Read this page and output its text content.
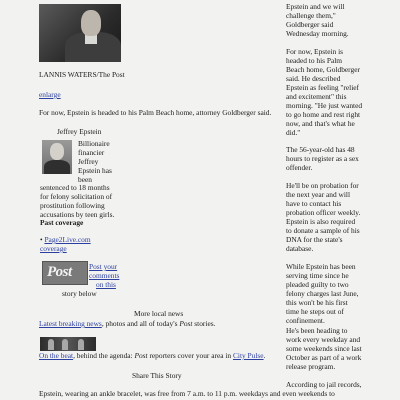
LANNIS WATERS/The Post
enlarge
For now, Epstein is headed to his Palm Beach home, attorney Goldberger said.
Jeffrey Epstein
Billionaire
financier
Jeffrey
Epstein has
been
sentenced to 18 months
for felony solicitation of
prostitution following
accusations by teen girls.
Past coverage
• Page2Live.com
coverage
Post Post your
comments
on this
story below
More local news
Latest breaking news, photos and all of today's Post stories.
On the beat, behind the agenda: Post reporters cover your area in City Pulse.
Share This Story
Epstein, wearing an ankle bracelet, was free from 7 a.m. to 11 p.m. weekdays and even weekends to
Epstein and we will
challenge them,"
Goldberger said
Wednesday morning.
For now, Epstein is
headed to his Palm
Beach home, Goldberger
said. He described
Epstein as feeling "relief
and excitement" this
morning. "He just wanted
to go home and rest right
now, and that's what he
did."
The 56-year-old has 48
hours to register as a sex
offender.
He'll be on probation for
the next year and will
have to contact his
probation officer weekly.
Epstein is also required
to donate a sample of his
DNA for the state's
database.
While Epstein has been
serving time since he
pleaded guilty to two
felony charges last June,
this won't be his first
time he steps out of
confinement.
He's been heading to
work every weekday and
some weekends since last
October as part of a work
release program.
According to jail records,
